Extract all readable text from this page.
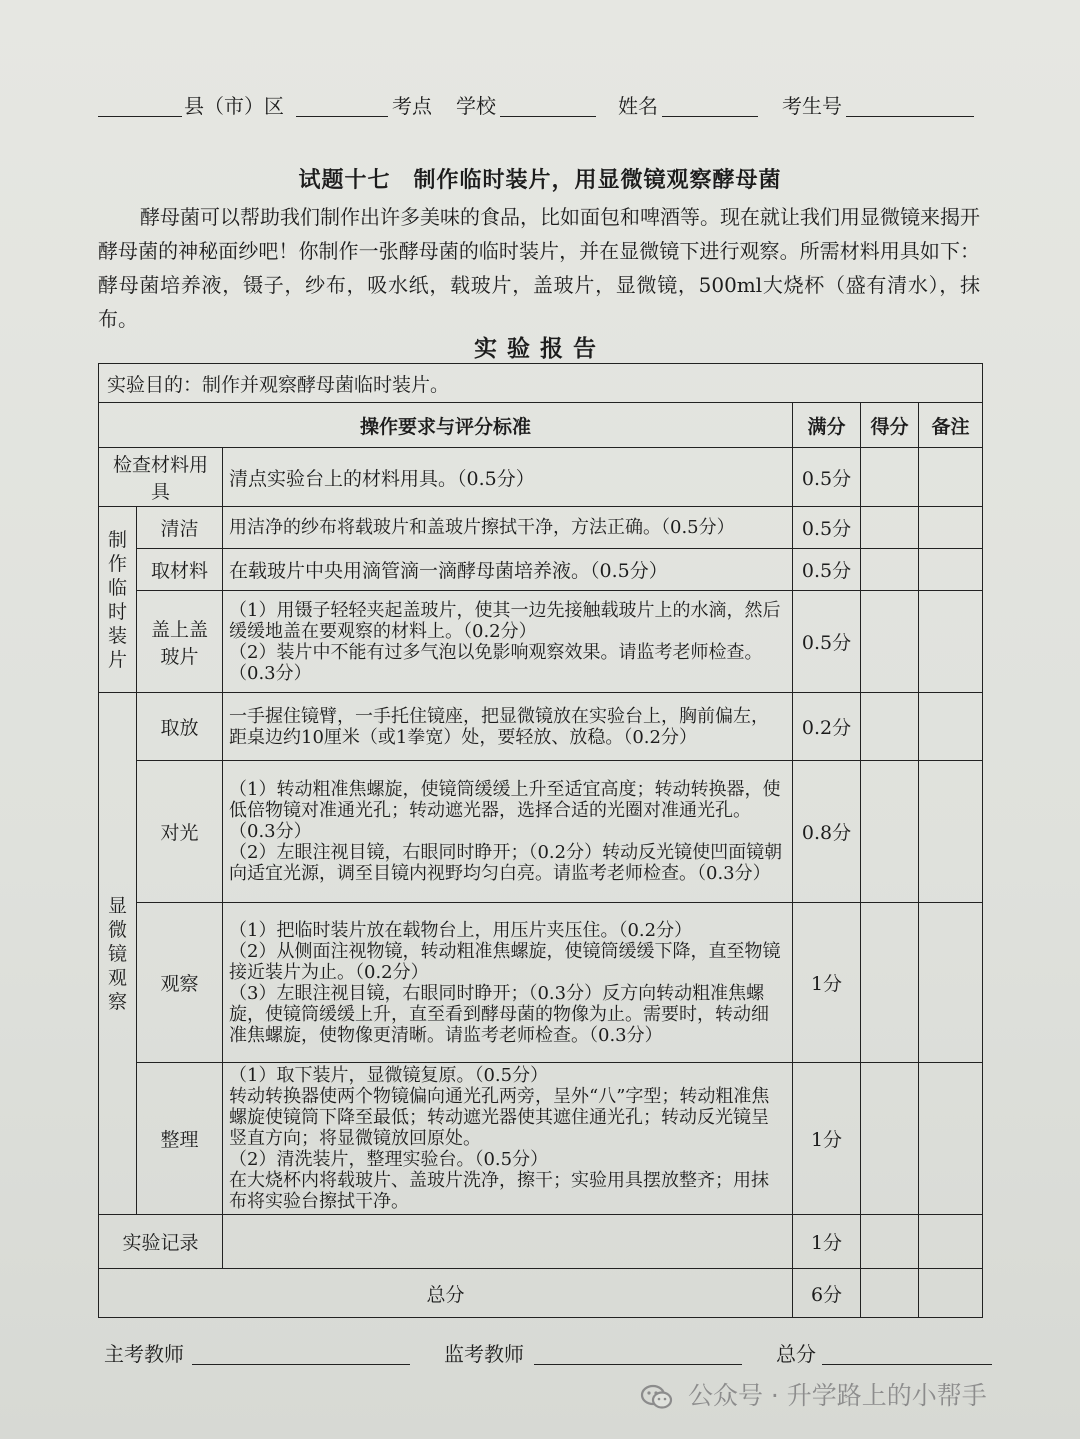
县（市）区	考点 学校	姓名	考生号
试题十七　制作临时装片，用显微镜观察酵母菌
酵母菌可以帮助我们制作出许多美味的食品，比如面包和啤酒等。现在就让我们用显微镜来揭开酵母菌的神秘面纱吧！你制作一张酵母菌的临时装片，并在显微镜下进行观察。所需材料用具如下：酵母菌培养液，镊子，纱布，吸水纸，载玻片，盖玻片，显微镜，500ml大烧杯（盛有清水），抹布。
实验报告
实验目的：制作并观察酵母菌临时装片。					
操作要求与评分标准			满分	得分	备注
检查材料用具		清点实验台上的材料用具。（0.5分）	0.5分		
制作临时装片	清洁	用洁净的纱布将载玻片和盖玻片擦拭干净，方法正确。（0.5分）	0.5分		
	取材料	在载玻片中央用滴管滴一滴酵母菌培养液。（0.5分）	0.5分		
	盖上盖玻片	（1）用镊子轻轻夹起盖玻片，使其一边先接触载玻片上的水滴，然后缓缓地盖在要观察的材料上。（0.2分）
（2）装片中不能有过多气泡以免影响观察效果。请监考老师检查。（0.3分）	0.5分		
显微镜观察	取放	一手握住镜臂，一手托住镜座，把显微镜放在实验台上，胸前偏左，距桌边约10厘米（或1拳宽）处，要轻放、放稳。（0.2分）	0.2分		
	对光	（1）转动粗准焦螺旋，使镜筒缓缓上升至适宜高度；转动转换器，使低倍物镜对准通光孔；转动遮光器，选择合适的光圈对准通光孔。（0.3分）
（2）左眼注视目镜，右眼同时睁开；（0.2分）转动反光镜使凹面镜朝向适宜光源，调至目镜内视野均匀白亮。请监考老师检查。（0.3分）	0.8分		
	观察	（1）把临时装片放在载物台上，用压片夹压住。（0.2分）
（2）从侧面注视物镜，转动粗准焦螺旋，使镜筒缓缓下降，直至物镜接近装片为止。（0.2分）
（3）左眼注视目镜，右眼同时睁开；（0.3分）反方向转动粗准焦螺旋，使镜筒缓缓上升，直至看到酵母菌的物像为止。需要时，转动细准焦螺旋，使物像更清晰。请监考老师检查。（0.3分）	1分		
	整理	（1）取下装片，显微镜复原。（0.5分）
转动转换器使两个物镜偏向通光孔两旁，呈外“八”字型；转动粗准焦螺旋使镜筒下降至最低；转动遮光器使其遮住通光孔；转动反光镜呈竖直方向；将显微镜放回原处。
（2）清洗装片，整理实验台。（0.5分）
在大烧杯内将载玻片、盖玻片洗净，擦干；实验用具摆放整齐；用抹布将实验台擦拭干净。	1分		
实验记录			1分		
总分			6分		
主考教师	监考教师	总分
公众号 · 升学路上的小帮手
